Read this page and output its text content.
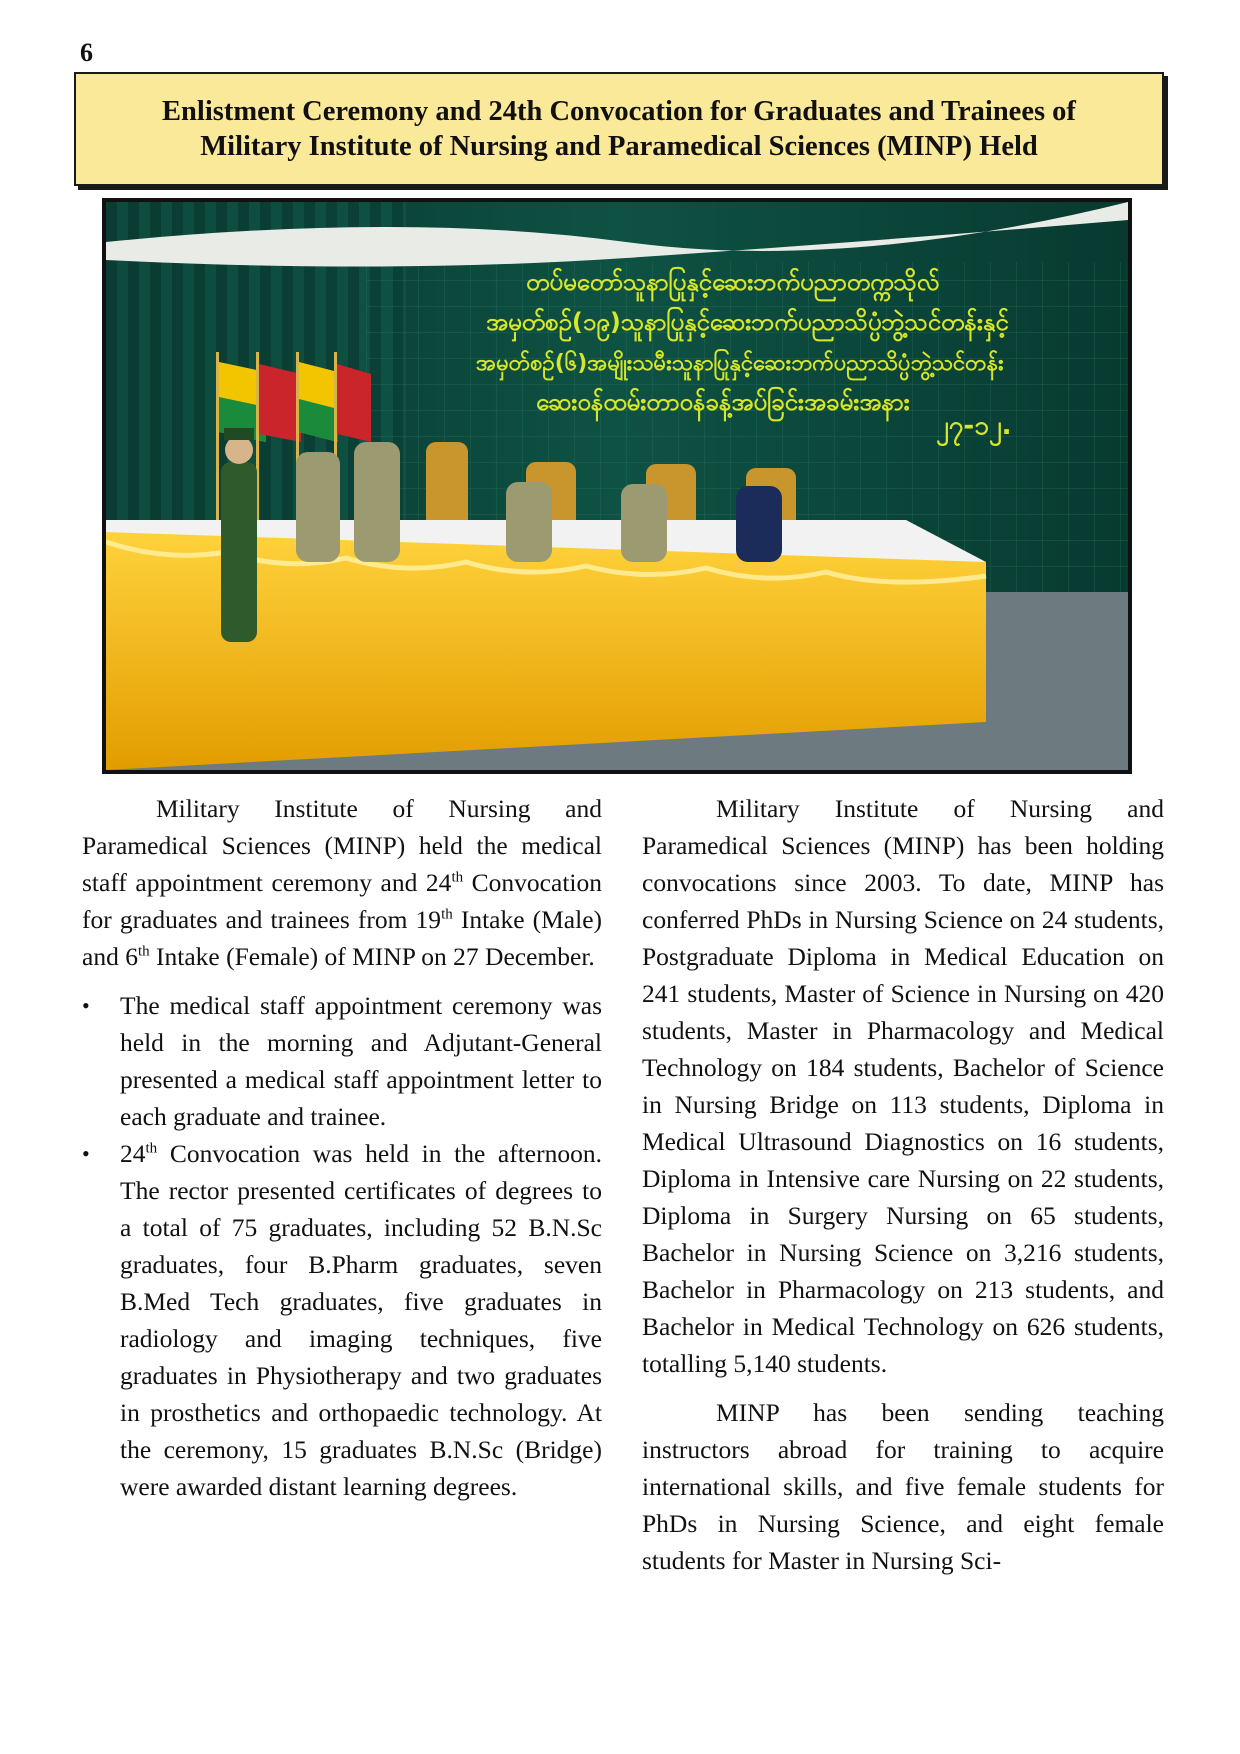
6
Enlistment Ceremony and 24th Convocation for Graduates and Trainees of
Military Institute of Nursing and Paramedical Sciences (MINP) Held
တပ်မတော်သူနာပြုနှင့်ဆေးဘက်ပညာတက္ကသိုလ်
အမှတ်စဉ်(၁၉)သူနာပြုနှင့်ဆေးဘက်ပညာသိပ္ပံဘွဲ့သင်တန်းနှင့်
အမှတ်စဉ်(၆)အမျိုးသမီးသူနာပြုနှင့်ဆေးဘက်ပညာသိပ္ပံဘွဲ့သင်တန်း
ဆေးဝန်ထမ်းတာဝန်ခန့်အပ်ခြင်းအခမ်းအနား
၂၇-၁၂.

Military Institute of Nursing and Paramedical Sciences (MINP) held the medical staff appointment ceremony and 24th Convocation for graduates and trainees from 19th Intake (Male) and 6th Intake (Female) of MINP on 27 December.

• The medical staff appointment ceremony was held in the morning and Adjutant-General presented a medical staff appointment letter to each graduate and trainee.
• 24th Convocation was held in the afternoon. The rector presented certificates of degrees to a total of 75 graduates, including 52 B.N.Sc graduates, four B.Pharm graduates, seven B.Med Tech graduates, five graduates in radiology and imaging techniques, five graduates in Physiotherapy and two graduates in prosthetics and orthopaedic technology. At the ceremony, 15 graduates B.N.Sc (Bridge) were awarded distant learning degrees.

Military Institute of Nursing and Paramedical Sciences (MINP) has been holding convocations since 2003. To date, MINP has conferred PhDs in Nursing Science on 24 students, Postgraduate Diploma in Medical Education on 241 students, Master of Science in Nursing on 420 students, Master in Pharmacology and Medical Technology on 184 students, Bachelor of Science in Nursing Bridge on 113 students, Diploma in Medical Ultrasound Diagnostics on 16 students, Diploma in Intensive care Nursing on 22 students, Diploma in Surgery Nursing on 65 students, Bachelor in Nursing Science on 3,216 students, Bachelor in Pharmacology on 213 students, and Bachelor in Medical Technology on 626 students, totalling 5,140 students.

MINP has been sending teaching instructors abroad for training to acquire international skills, and five female students for PhDs in Nursing Science, and eight female students for Master in Nursing Sci-
